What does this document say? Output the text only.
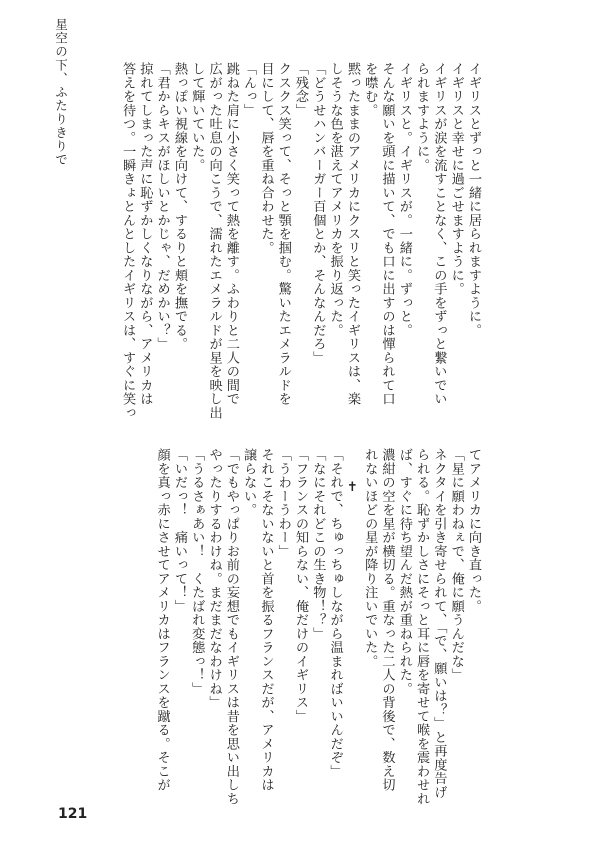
星空の下、ふたりきりで	イギリスとずっと一緒に居られますように。

イギリスと幸せに過ごせますように。

イギリスが涙を流すことなく、この手をずっと繋いでい

られますように。

イギリスと。イギリスが。一緒に。ずっと。

そんな願いを頭に描いて、でも口に出すのは憚られて口

を噤む。

黙ったままのアメリカにクスリと笑ったイギリスは、楽

しそうな色を湛えてアメリカを振り返った。

「どうせハンバーガー百個とか、そんなんだろ」

「残念」

クスクス笑って、そっと顎を掴む。驚いたエメラルドを

目にして、唇を重ね合わせた。

「んっ」

跳ねた肩に小さく笑って熱を離す。ふわりと二人の間で

広がった吐息の向こうで、濡れたエメラルドが星を映し出

して輝いていた。

熱っぽい視線を向けて、するりと頬を撫でる。

「君からキスがほしいとかじゃ、だめかい？」

掠れてしまった声に恥ずかしくなりながら、アメリカは

答えを待つ。一瞬きょとんとしたイギリスは、すぐに笑っ

てアメリカに向き直った。

「星に願わねぇで、俺に願うんだな」

ネクタイを引き寄せられて、「で、願いは？」と再度告げ

られる。恥ずかしさにそっと耳に唇を寄せて喉を震わせれ

ば、すぐに待ち望んだ熱が重ねられた。

濃紺の空を星が横切る。重なった二人の背後で、数え切

れないほどの星が降り注いでいた。

✝

「それで、ちゅっちゅしながら温まればいいんだぞ」

「なにそれどこの生き物！？」

「フランスの知らない、俺だけのイギリス」

「うわーうわー」

それこそないないと首を振るフランスだが、アメリカは

譲らない。

「でもやっぱりお前の妄想でもイギリスは昔を思い出しち

やったりするわけね。まだまだなわけね」

「うるさぁあい！　くたばれ変態っ！」

「いだっ！　痛いって！」

顔を真っ赤にさせてアメリカはフランスを蹴る。そこが

121
